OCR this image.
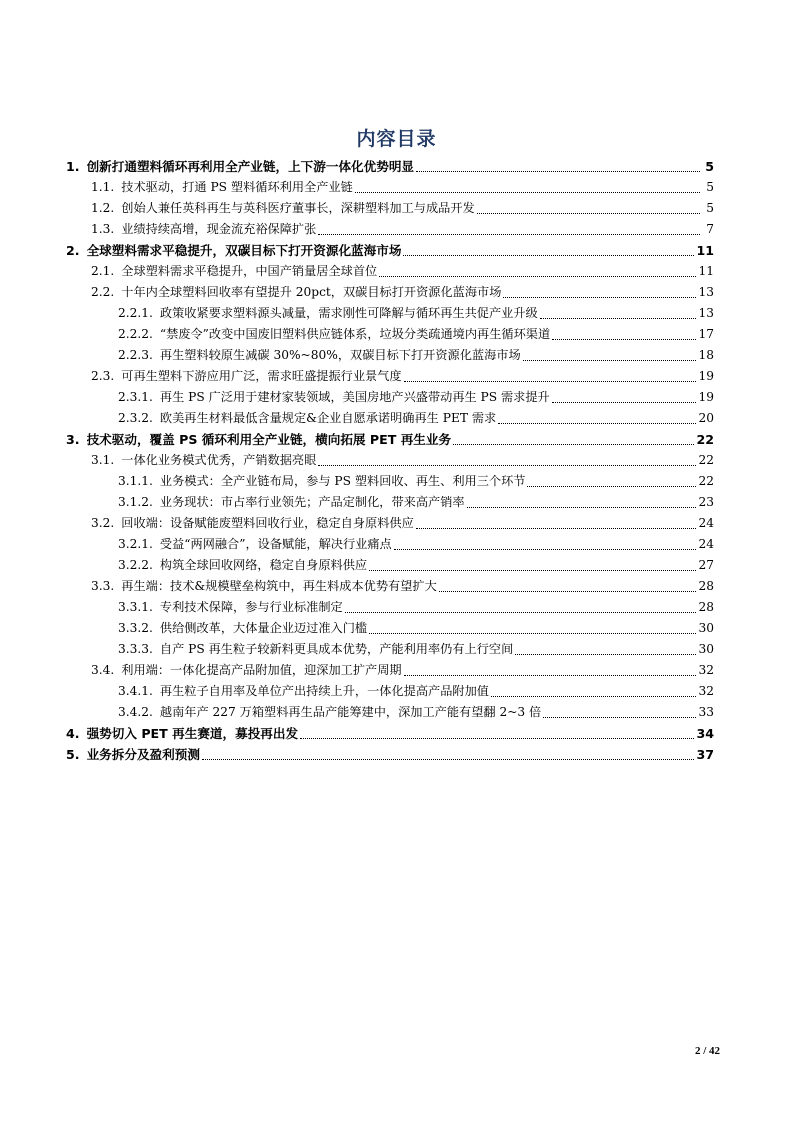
内容目录
1. 创新打通塑料循环再利用全产业链，上下游一体化优势明显	5
1.1. 技术驱动，打通 PS 塑料循环利用全产业链	5
1.2. 创始人兼任英科再生与英科医疗董事长，深耕塑料加工与成品开发	5
1.3. 业绩持续高增，现金流充裕保障扩张	7
2. 全球塑料需求平稳提升，双碳目标下打开资源化蓝海市场	11
2.1. 全球塑料需求平稳提升，中国产销量居全球首位	11
2.2. 十年内全球塑料回收率有望提升 20pct，双碳目标打开资源化蓝海市场	13
2.2.1. 政策收紧要求塑料源头减量，需求刚性可降解与循环再生共促产业升级	13
2.2.2. “禁废令”改变中国废旧塑料供应链体系，垃圾分类疏通境内再生循环渠道	17
2.2.3. 再生塑料较原生减碳 30%~80%，双碳目标下打开资源化蓝海市场	18
2.3. 可再生塑料下游应用广泛，需求旺盛提振行业景气度	19
2.3.1. 再生 PS 广泛用于建材家装领域，美国房地产兴盛带动再生 PS 需求提升	19
2.3.2. 欧美再生材料最低含量规定&企业自愿承诺明确再生 PET 需求	20
3. 技术驱动，覆盖 PS 循环利用全产业链，横向拓展 PET 再生业务	22
3.1. 一体化业务模式优秀，产销数据亮眼	22
3.1.1. 业务模式：全产业链布局，参与 PS 塑料回收、再生、利用三个环节	22
3.1.2. 业务现状：市占率行业领先；产品定制化，带来高产销率	23
3.2. 回收端：设备赋能废塑料回收行业，稳定自身原料供应	24
3.2.1. 受益“两网融合”，设备赋能，解决行业痛点	24
3.2.2. 构筑全球回收网络，稳定自身原料供应	27
3.3. 再生端：技术&规模壁垒构筑中，再生料成本优势有望扩大	28
3.3.1. 专利技术保障，参与行业标准制定	28
3.3.2. 供给侧改革，大体量企业迈过准入门槛	30
3.3.3. 自产 PS 再生粒子较新料更具成本优势，产能利用率仍有上行空间	30
3.4. 利用端：一体化提高产品附加值，迎深加工扩产周期	32
3.4.1. 再生粒子自用率及单位产出持续上升，一体化提高产品附加值	32
3.4.2. 越南年产 227 万箱塑料再生品产能筹建中，深加工产能有望翻 2~3 倍	33
4. 强势切入 PET 再生赛道，募投再出发	34
5. 业务拆分及盈利预测	37
2 / 42
